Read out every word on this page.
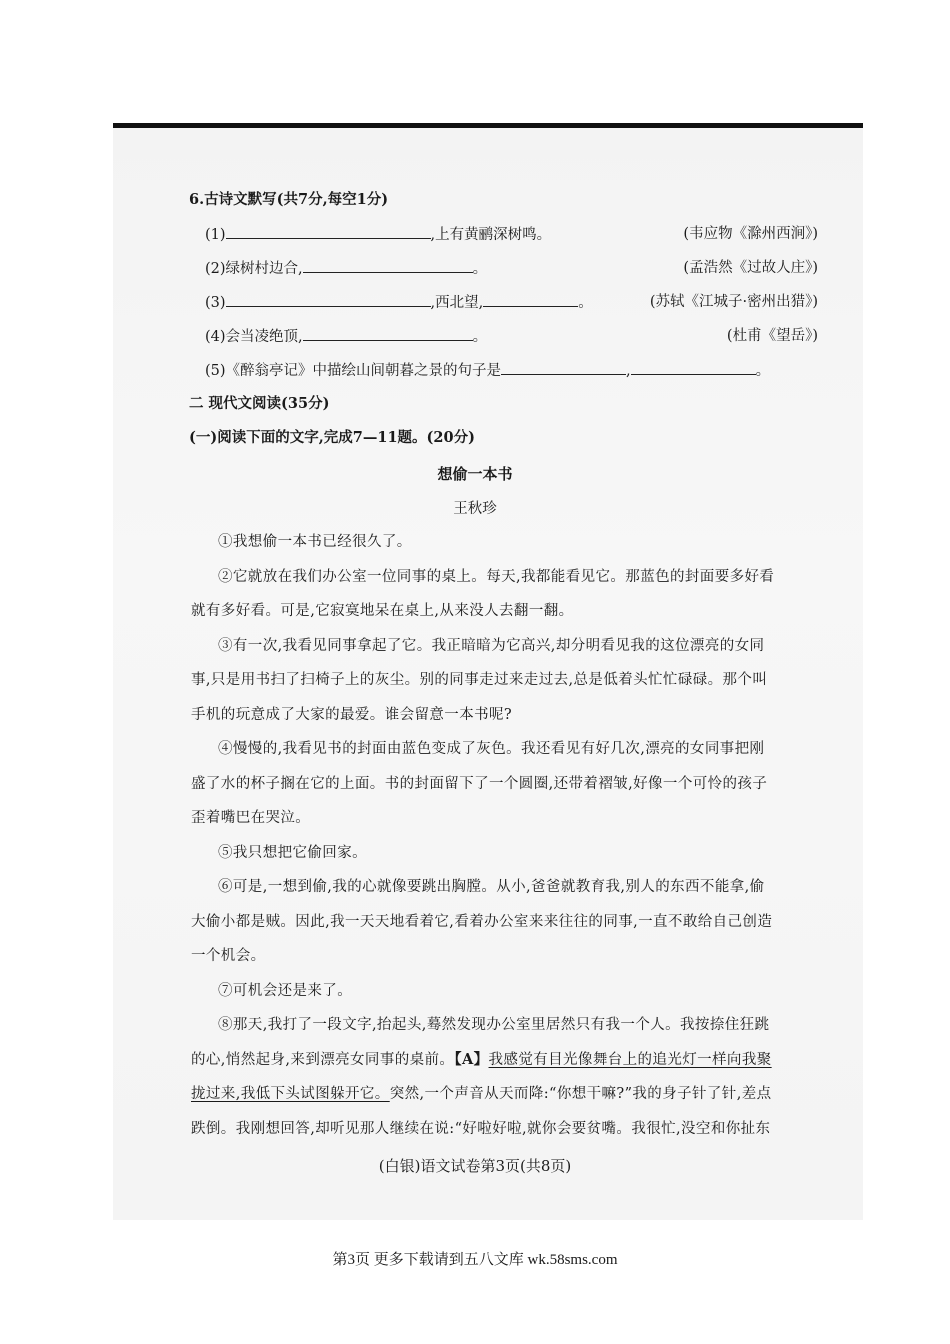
6.古诗文默写(共7分,每空1分)
(1)	,上有黄鹂深树鸣。	(韦应物《滁州西涧》)
(2)绿树村边合,	。	(孟浩然《过故人庄》)
(3)	,西北望,	。	(苏轼《江城子·密州出猎》)
(4)会当凌绝顶,	。	(杜甫《望岳》)
(5)《醉翁亭记》中描绘山间朝暮之景的句子是	,	。
二 现代文阅读(35分)
(一)阅读下面的文字,完成7—11题。(20分)
想偷一本书
王秋珍
①我想偷一本书已经很久了。
②它就放在我们办公室一位同事的桌上。每天,我都能看见它。那蓝色的封面要多好看
就有多好看。可是,它寂寞地呆在桌上,从来没人去翻一翻。
③有一次,我看见同事拿起了它。我正暗暗为它高兴,却分明看见我的这位漂亮的女同
事,只是用书扫了扫椅子上的灰尘。别的同事走过来走过去,总是低着头忙忙碌碌。那个叫
手机的玩意成了大家的最爱。谁会留意一本书呢?
④慢慢的,我看见书的封面由蓝色变成了灰色。我还看见有好几次,漂亮的女同事把刚
盛了水的杯子搁在它的上面。书的封面留下了一个圆圈,还带着褶皱,好像一个可怜的孩子
歪着嘴巴在哭泣。
⑤我只想把它偷回家。
⑥可是,一想到偷,我的心就像要跳出胸膛。从小,爸爸就教育我,别人的东西不能拿,偷
大偷小都是贼。因此,我一天天地看着它,看着办公室来来往往的同事,一直不敢给自己创造
一个机会。
⑦可机会还是来了。
⑧那天,我打了一段文字,抬起头,蓦然发现办公室里居然只有我一个人。我按捺住狂跳
的心,悄然起身,来到漂亮女同事的桌前。【A】我感觉有目光像舞台上的追光灯一样向我聚
拢过来,我低下头试图躲开它。突然,一个声音从天而降:“你想干嘛?”我的身子针了针,差点
跌倒。我刚想回答,却听见那人继续在说:“好啦好啦,就你会要贫嘴。我很忙,没空和你扯东
(白银)语文试卷第3页(共8页)
第3页 更多下载请到五八文库 wk.58sms.com
